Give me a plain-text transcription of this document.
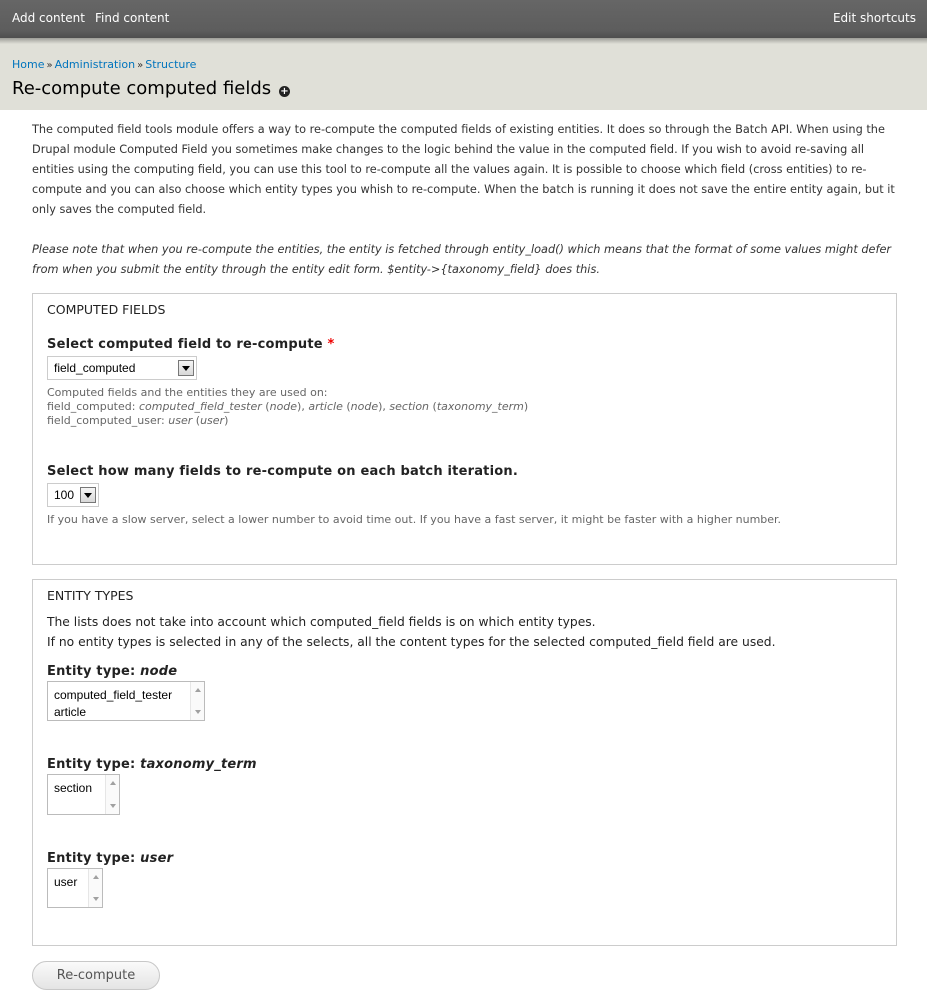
Add content Find content	Edit shortcuts
Home » Administration » Structure
Re-compute computed fields +

The computed field tools module offers a way to re-compute the computed fields of existing entities. It does so through the Batch API. When using the Drupal module Computed Field you sometimes make changes to the logic behind the value in the computed field. If you wish to avoid re-saving all entities using the computing field, you can use this tool to re-compute all the values again. It is possible to choose which field (cross entities) to re-compute and you can also choose which entity types you whish to re-compute. When the batch is running it does not save the entire entity again, but it only saves the computed field.

Please note that when you re-compute the entities, the entity is fetched through entity_load() which means that the format of some values might defer from when you submit the entity through the entity edit form. $entity->{taxonomy_field} does this.

COMPUTED FIELDS
Select computed field to re-compute *
field_computed
Computed fields and the entities they are used on:
field_computed: computed_field_tester (node), article (node), section (taxonomy_term)
field_computed_user: user (user)
Select how many fields to re-compute on each batch iteration.
100
If you have a slow server, select a lower number to avoid time out. If you have a fast server, it might be faster with a higher number.
ENTITY TYPES
The lists does not take into account which computed_field fields is on which entity types.
If no entity types is selected in any of the selects, all the content types for the selected computed_field field are used.
Entity type: node
computed_field_tester
article
Entity type: taxonomy_term
section
Entity type: user
user
Re-compute
